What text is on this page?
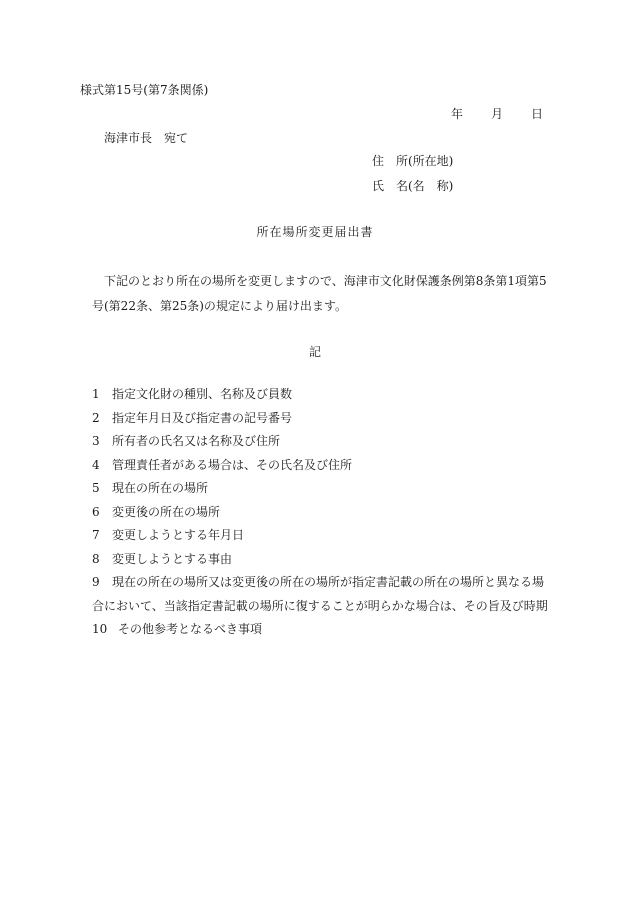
様式第15号(第7条関係)
年 月 日
海津市長　宛て
住　所(所在地)
氏　名(名　称)
所在場所変更届出書
下記のとおり所在の場所を変更しますので、海津市文化財保護条例第8条第1項第5号(第22条、第25条)の規定により届け出ます。
記
1 指定文化財の種別、名称及び員数
2 指定年月日及び指定書の記号番号
3 所有者の氏名又は名称及び住所
4 管理責任者がある場合は、その氏名及び住所
5 現在の所在の場所
6 変更後の所在の場所
7 変更しようとする年月日
8 変更しようとする事由
9 現在の所在の場所又は変更後の所在の場所が指定書記載の所在の場所と異なる場合において、当該指定書記載の場所に復することが明らかな場合は、その旨及び時期
10 その他参考となるべき事項
